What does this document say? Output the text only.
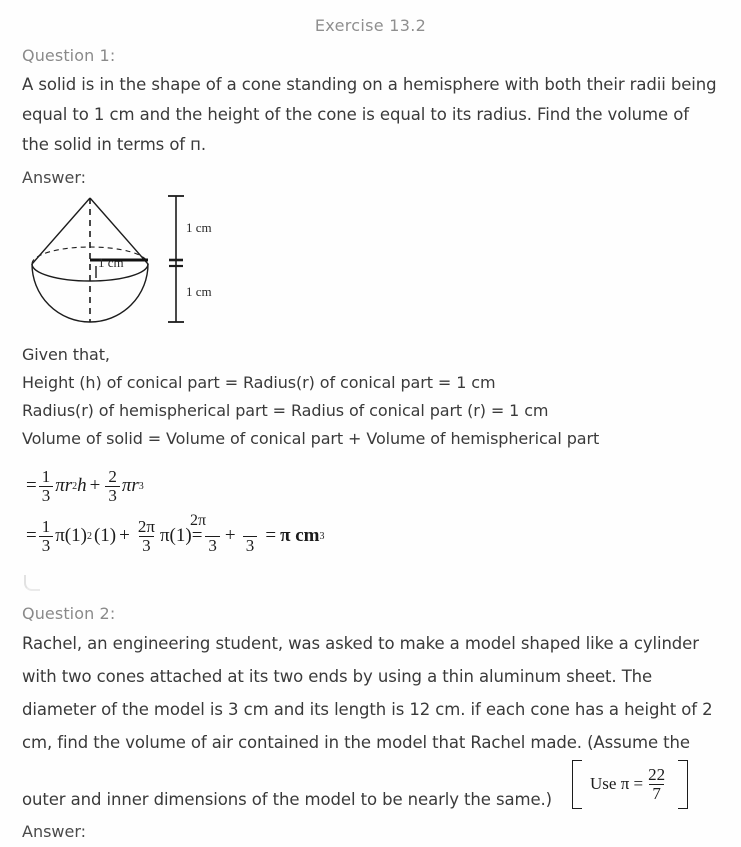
Exercise 13.2
Question 1:
A solid is in the shape of a cone standing on a hemisphere with both their radii being
equal to 1 cm and the height of the cone is equal to its radius. Find the volume of
the solid in terms of п.
Answer:
1 cm
1 cm
1 cm
Given that,
Height (h) of conical part = Radius(r) of conical part = 1 cm
Radius(r) of hemispherical part = Radius of conical part (r) = 1 cm
Volume of solid = Volume of conical part + Volume of hemispherical part
= $\frac{1}{3}$ πr 2 $h + \frac{2}{3}$ πr 3
= $\frac{1}{3} \pi(1)$ 2 $(1) + \frac{2\pi}{3} \pi(1)$
2π
=
3 +
3 = π cm 3
Question 2:
Rachel, an engineering student, was asked to make a model shaped like a cylinder
with two cones attached at its two ends by using a thin aluminum sheet. The
diameter of the model is 3 cm and its length is 12 cm. if each cone has a height of 2
cm, find the volume of air contained in the model that Rachel made. (Assume the
outer and inner dimensions of the model to be nearly the same.)
Use $\pi = \frac{22}{7}$
Answer:
